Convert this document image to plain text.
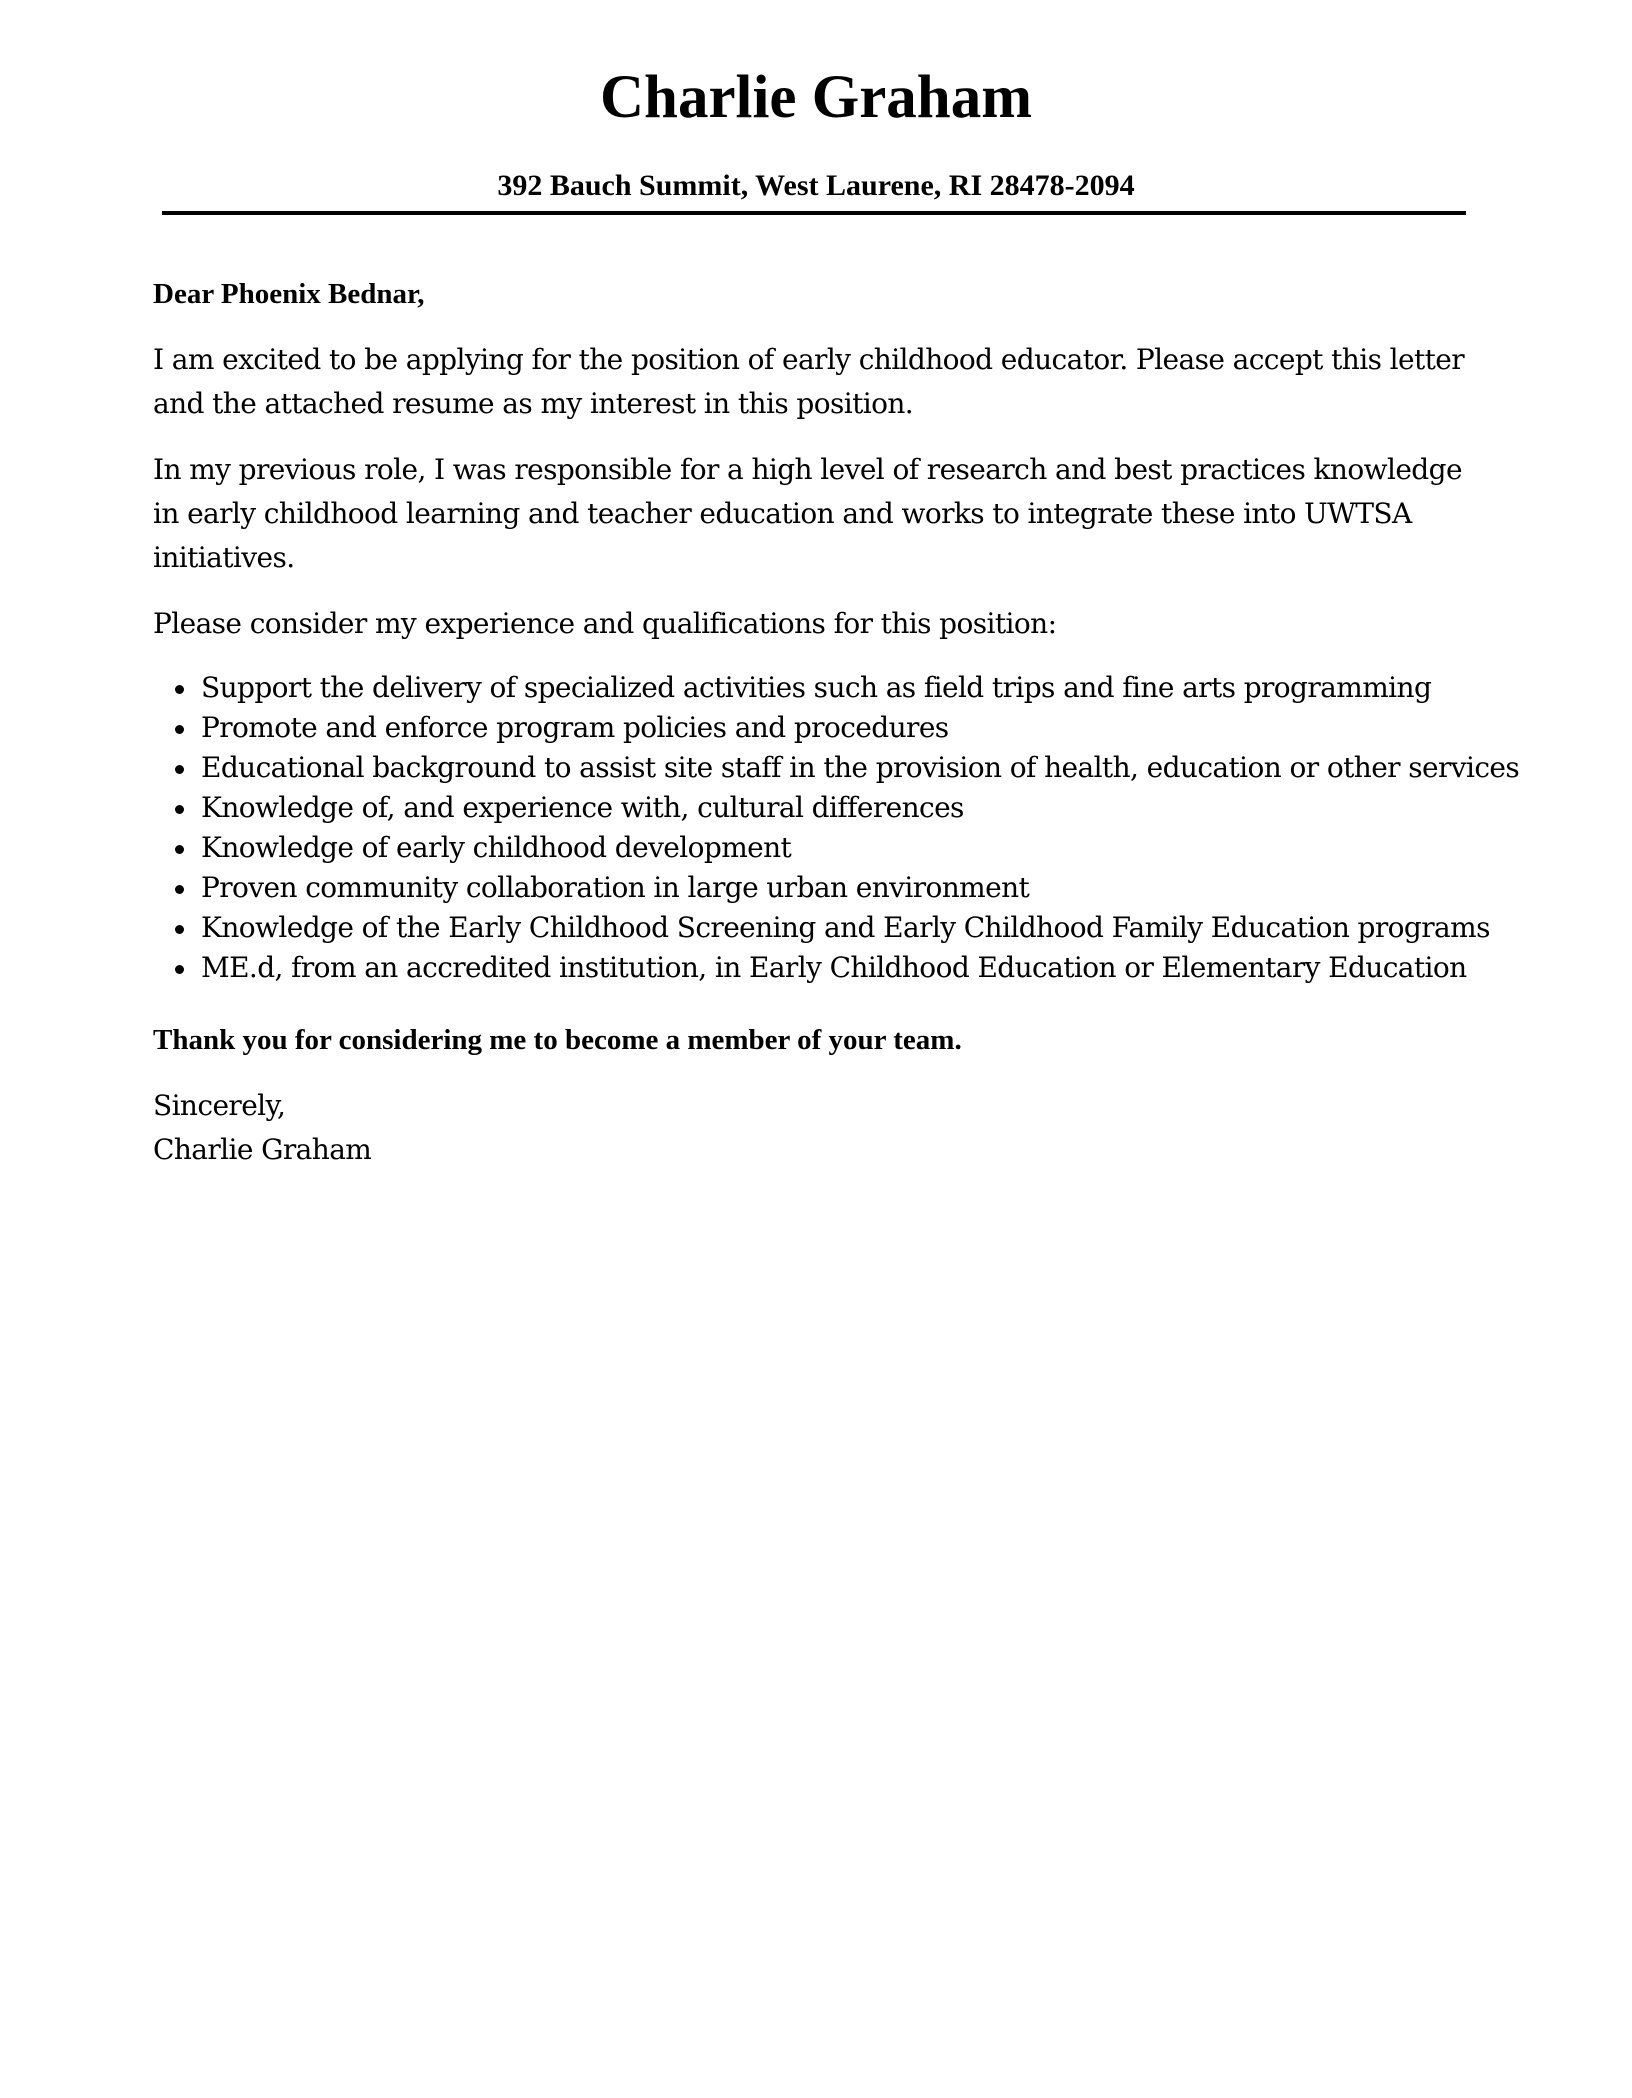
Charlie Graham

392 Bauch Summit, West Laurene, RI 28478-2094

Dear Phoenix Bednar,

I am excited to be applying for the position of early childhood educator. Please accept this letter and the attached resume as my interest in this position.

In my previous role, I was responsible for a high level of research and best practices knowledge in early childhood learning and teacher education and works to integrate these into UWTSA initiatives.

Please consider my experience and qualifications for this position:

Support the delivery of specialized activities such as field trips and fine arts programming
Promote and enforce program policies and procedures
Educational background to assist site staff in the provision of health, education or other services
Knowledge of, and experience with, cultural differences
Knowledge of early childhood development
Proven community collaboration in large urban environment
Knowledge of the Early Childhood Screening and Early Childhood Family Education programs
ME.d, from an accredited institution, in Early Childhood Education or Elementary Education

Thank you for considering me to become a member of your team.

Sincerely,

Charlie Graham
